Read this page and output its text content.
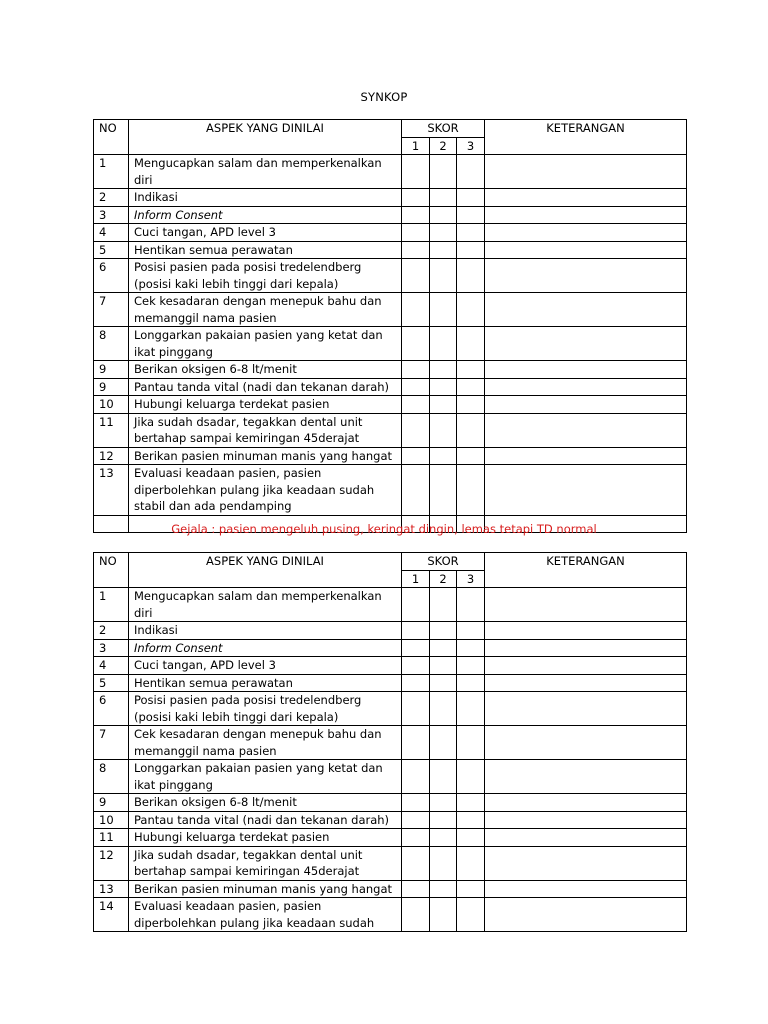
SYNKOP
NO	ASPEK YANG DINILAI	SKOR			KETERANGAN
		1	2	3	
1	Mengucapkan salam dan memperkenalkan diri				
2	Indikasi				
3	Inform Consent				
4	Cuci tangan, APD level 3				
5	Hentikan semua perawatan				
6	Posisi pasien pada posisi tredelendberg (posisi kaki lebih tinggi dari kepala)				
7	Cek kesadaran dengan menepuk bahu dan memanggil nama pasien				
8	Longgarkan pakaian pasien yang ketat dan ikat pinggang				
9	Berikan oksigen 6-8 lt/menit				
9	Pantau tanda vital (nadi dan tekanan darah)				
10	Hubungi keluarga terdekat pasien				
11	Jika sudah dsadar, tegakkan dental unit bertahap sampai kemiringan 45derajat				
12	Berikan pasien minuman manis yang hangat				
13	Evaluasi keadaan pasien, pasien diperbolehkan pulang jika keadaan sudah stabil dan ada pendamping				

Gejala : pasien mengeluh pusing, keringat dingin, lemas tetapi TD normal
NO	ASPEK YANG DINILAI	SKOR			KETERANGAN
		1	2	3	
1	Mengucapkan salam dan memperkenalkan diri				
2	Indikasi				
3	Inform Consent				
4	Cuci tangan, APD level 3				
5	Hentikan semua perawatan				
6	Posisi pasien pada posisi tredelendberg (posisi kaki lebih tinggi dari kepala)				
7	Cek kesadaran dengan menepuk bahu dan memanggil nama pasien				
8	Longgarkan pakaian pasien yang ketat dan ikat pinggang				
9	Berikan oksigen 6-8 lt/menit				
10	Pantau tanda vital (nadi dan tekanan darah)				
11	Hubungi keluarga terdekat pasien				
12	Jika sudah dsadar, tegakkan dental unit bertahap sampai kemiringan 45derajat				
13	Berikan pasien minuman manis yang hangat				
14	Evaluasi keadaan pasien, pasien diperbolehkan pulang jika keadaan sudah				
